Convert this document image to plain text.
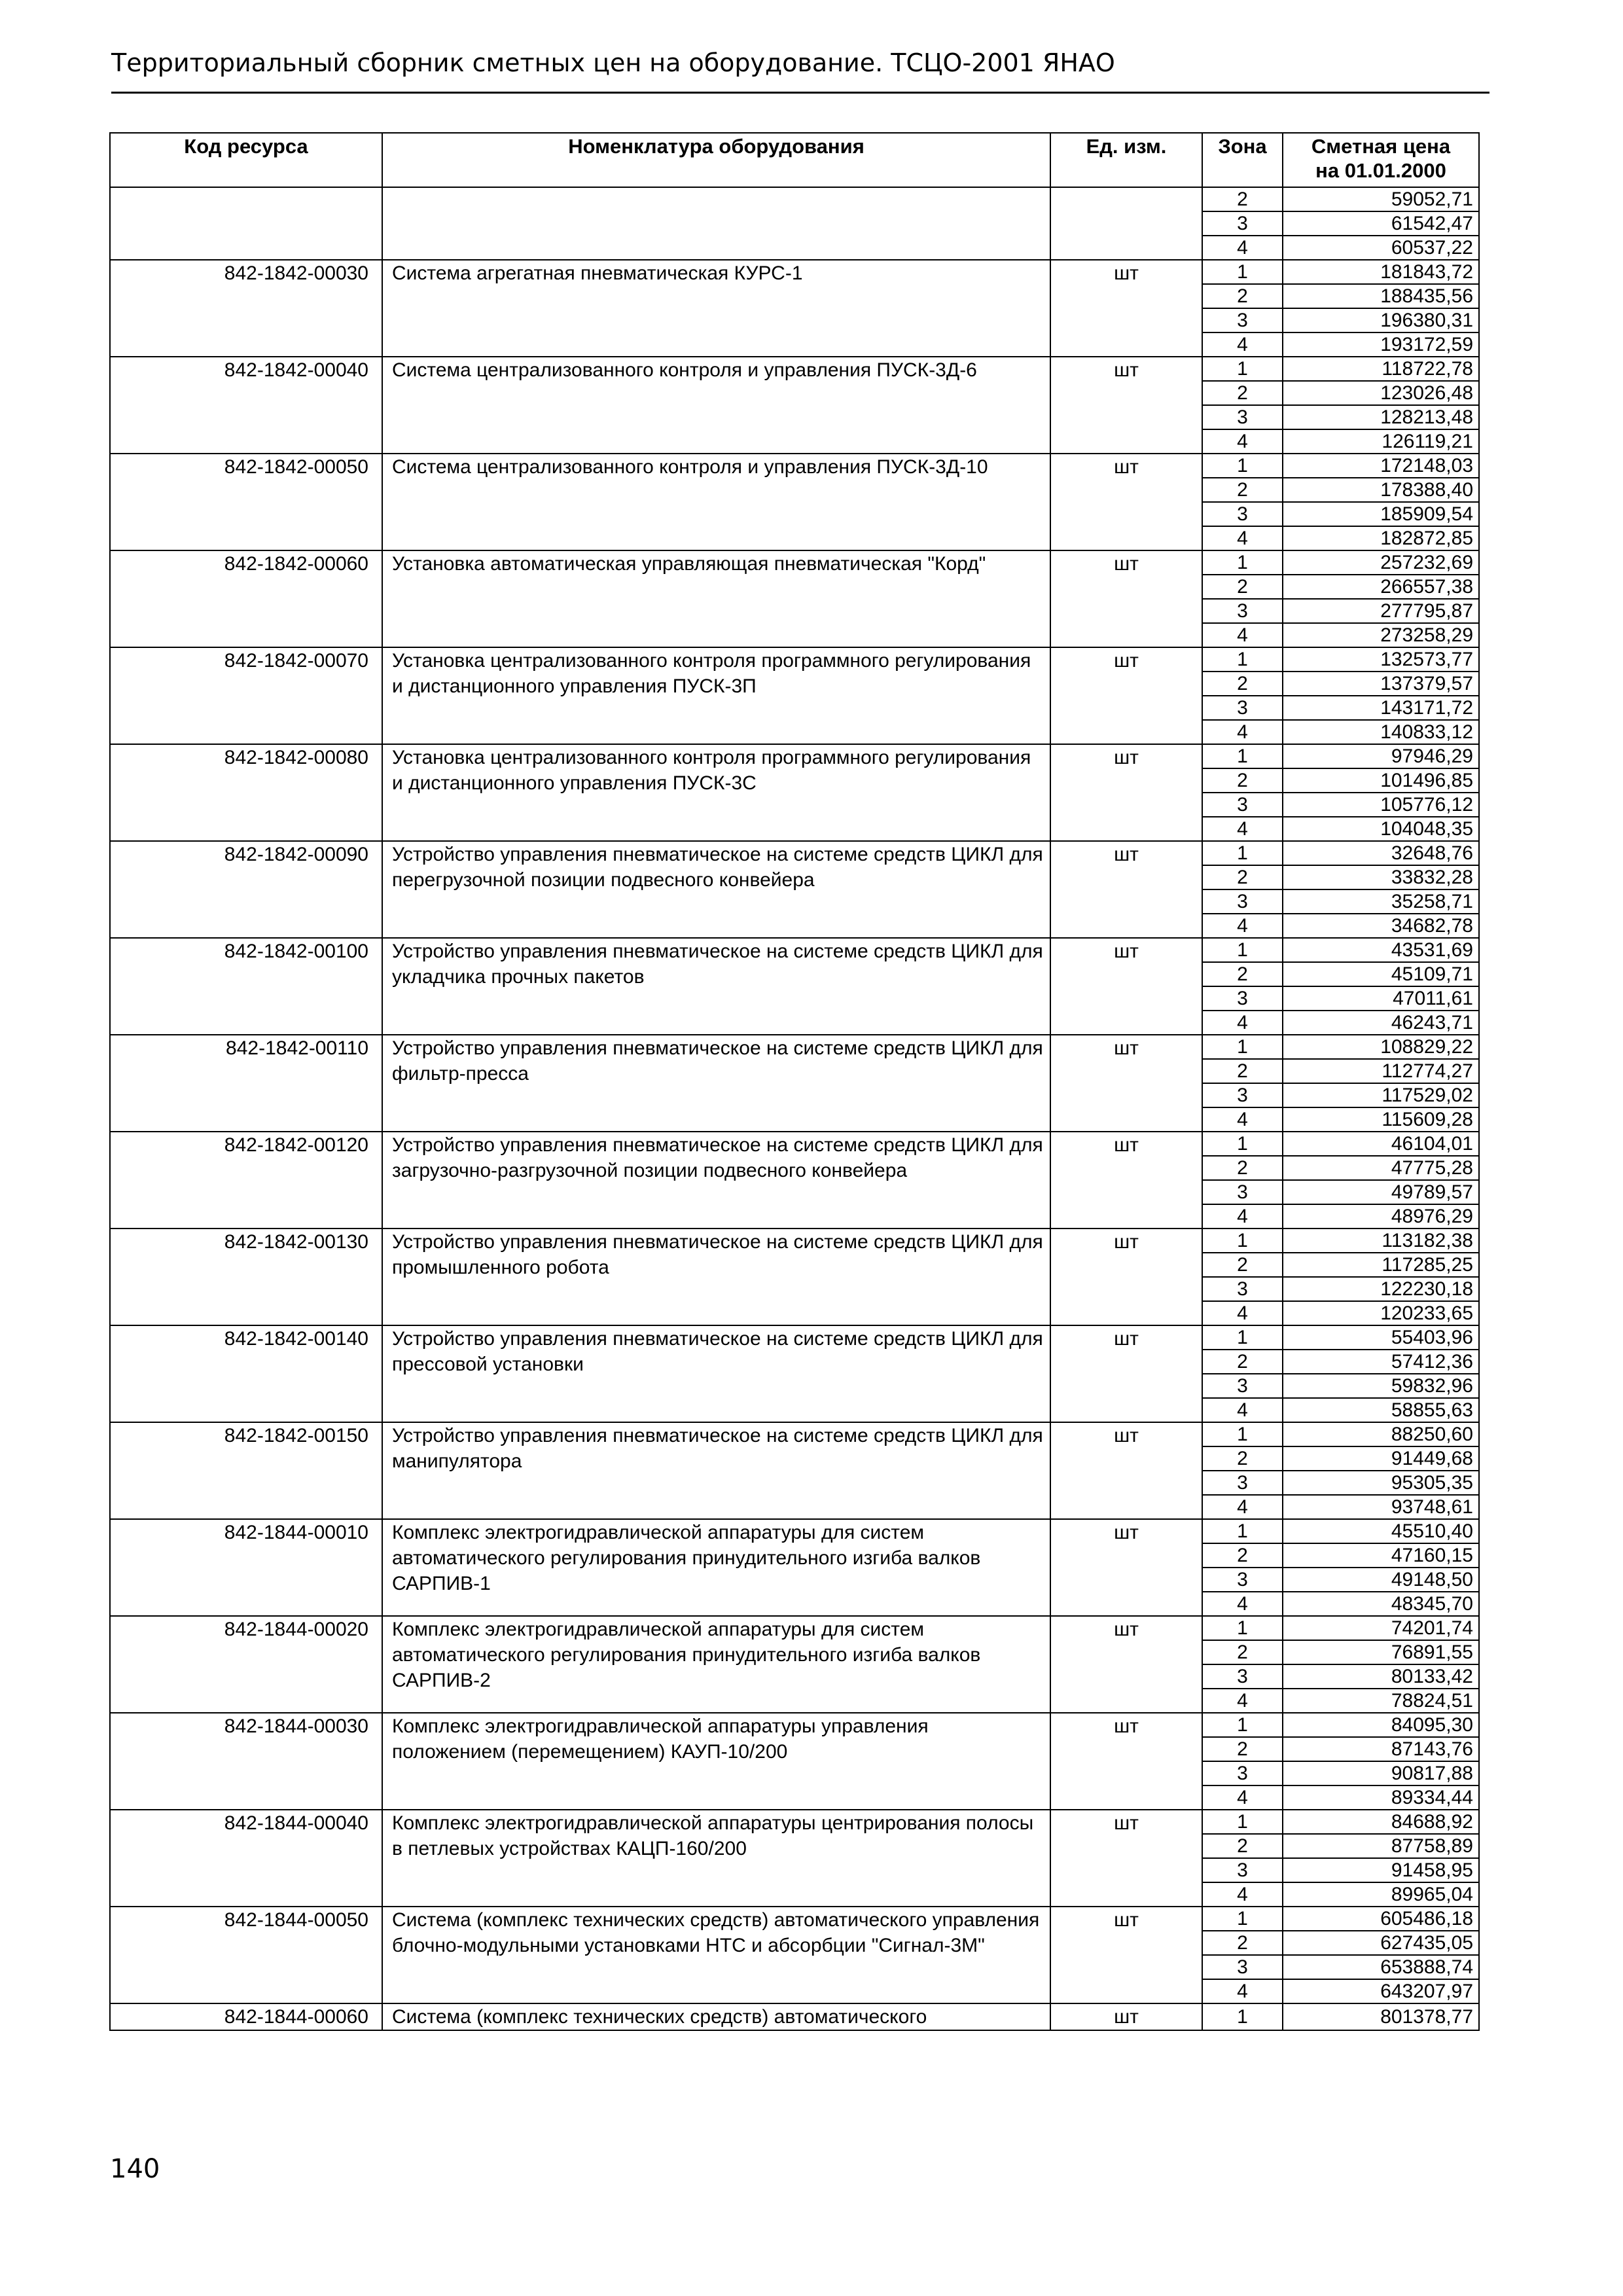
Территориальный сборник сметных цен на оборудование. ТСЦО-2001 ЯНАО
Код ресурса	Номенклатура оборудования	Ед. изм.	Зона	Сметная цена
на 01.01.2000
			2	59052,71
			3	61542,47
			4	60537,22
842-1842-00030	Система агрегатная пневматическая КУРС-1	шт	1	181843,72
			2	188435,56
			3	196380,31
			4	193172,59
842-1842-00040	Система централизованного контроля и управления ПУСК-3Д-6	шт	1	118722,78
			2	123026,48
			3	128213,48
			4	126119,21
842-1842-00050	Система централизованного контроля и управления ПУСК-3Д-10	шт	1	172148,03
			2	178388,40
			3	185909,54
			4	182872,85
842-1842-00060	Установка автоматическая управляющая пневматическая "Корд"	шт	1	257232,69
			2	266557,38
			3	277795,87
			4	273258,29
842-1842-00070	Установка централизованного контроля программного регулирования и дистанционного управления ПУСК-3П	шт	1	132573,77
			2	137379,57
			3	143171,72
			4	140833,12
842-1842-00080	Установка централизованного контроля программного регулирования и дистанционного управления ПУСК-3С	шт	1	97946,29
			2	101496,85
			3	105776,12
			4	104048,35
842-1842-00090	Устройство управления пневматическое на системе средств ЦИКЛ для перегрузочной позиции подвесного конвейера	шт	1	32648,76
			2	33832,28
			3	35258,71
			4	34682,78
842-1842-00100	Устройство управления пневматическое на системе средств ЦИКЛ для укладчика прочных пакетов	шт	1	43531,69
			2	45109,71
			3	47011,61
			4	46243,71
842-1842-00110	Устройство управления пневматическое на системе средств ЦИКЛ для фильтр-пресса	шт	1	108829,22
			2	112774,27
			3	117529,02
			4	115609,28
842-1842-00120	Устройство управления пневматическое на системе средств ЦИКЛ для загрузочно-разгрузочной позиции подвесного конвейера	шт	1	46104,01
			2	47775,28
			3	49789,57
			4	48976,29
842-1842-00130	Устройство управления пневматическое на системе средств ЦИКЛ для промышленного робота	шт	1	113182,38
			2	117285,25
			3	122230,18
			4	120233,65
842-1842-00140	Устройство управления пневматическое на системе средств ЦИКЛ для прессовой установки	шт	1	55403,96
			2	57412,36
			3	59832,96
			4	58855,63
842-1842-00150	Устройство управления пневматическое на системе средств ЦИКЛ для манипулятора	шт	1	88250,60
			2	91449,68
			3	95305,35
			4	93748,61
842-1844-00010	Комплекс электрогидравлической аппаратуры для систем автоматического регулирования принудительного изгиба валков САРПИВ-1	шт	1	45510,40
			2	47160,15
			3	49148,50
			4	48345,70
842-1844-00020	Комплекс электрогидравлической аппаратуры для систем автоматического регулирования принудительного изгиба валков САРПИВ-2	шт	1	74201,74
			2	76891,55
			3	80133,42
			4	78824,51
842-1844-00030	Комплекс электрогидравлической аппаратуры управления положением (перемещением) КАУП-10/200	шт	1	84095,30
			2	87143,76
			3	90817,88
			4	89334,44
842-1844-00040	Комплекс электрогидравлической аппаратуры центрирования полосы в петлевых устройствах КАЦП-160/200	шт	1	84688,92
			2	87758,89
			3	91458,95
			4	89965,04
842-1844-00050	Система (комплекс технических средств) автоматического управления блочно-модульными установками НТС и абсорбции "Сигнал-3М"	шт	1	605486,18
			2	627435,05
			3	653888,74
			4	643207,97
842-1844-00060	Система (комплекс технических средств) автоматического	шт	1	801378,77
140
